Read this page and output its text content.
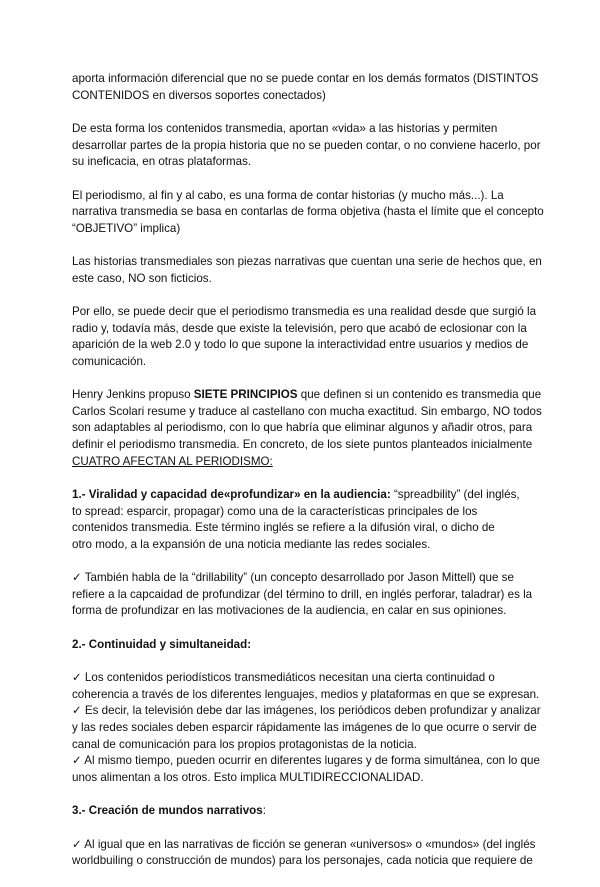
aporta información diferencial que no se puede contar en los demás formatos (DISTINTOS
CONTENIDOS en diversos soportes conectados)

De esta forma los contenidos transmedia, aportan «vida» a las historias y permiten
desarrollar partes de la propia historia que no se pueden contar, o no conviene hacerlo, por
su ineficacia, en otras plataformas.

El periodismo, al fin y al cabo, es una forma de contar historias (y mucho más...). La
narrativa transmedia se basa en contarlas de forma objetiva (hasta el límite que el concepto
“OBJETIVO” implica)

Las historias transmediales son piezas narrativas que cuentan una serie de hechos que, en
este caso, NO son ficticios.

Por ello, se puede decir que el periodismo transmedia es una realidad desde que surgió la
radio y, todavía más, desde que existe la televisión, pero que acabó de eclosionar con la
aparición de la web 2.0 y todo lo que supone la interactividad entre usuarios y medios de
comunicación.

Henry Jenkins propuso SIETE PRINCIPIOS que definen si un contenido es transmedia que
Carlos Scolari resume y traduce al castellano con mucha exactitud. Sin embargo, NO todos
son adaptables al periodismo, con lo que habría que eliminar algunos y añadir otros, para
definir el periodismo transmedia. En concreto, de los siete puntos planteados inicialmente
CUATRO AFECTAN AL PERIODISMO:

1.- Viralidad y capacidad de«profundizar» en la audiencia: “spreadbility” (del inglés,
to spread: esparcir, propagar) como una de la características principales de los
contenidos transmedia. Este término inglés se refiere a la difusión viral, o dicho de
otro modo, a la expansión de una noticia mediante las redes sociales.

✓ También habla de la “drillability” (un concepto desarrollado por Jason Mittell) que se
refiere a la capcaidad de profundizar (del término to drill, en inglés perforar, taladrar) es la
forma de profundizar en las motivaciones de la audiencia, en calar en sus opiniones.

2.- Continuidad y simultaneidad:

✓ Los contenidos periodísticos transmediáticos necesitan una cierta continuidad o
coherencia a través de los diferentes lenguajes, medios y plataformas en que se expresan.
✓ Es decir, la televisión debe dar las imágenes, los periódicos deben profundizar y analizar
y las redes sociales deben esparcir rápidamente las imágenes de lo que ocurre o servir de
canal de comunicación para los propios protagonistas de la noticia.
✓ Al mismo tiempo, pueden ocurrir en diferentes lugares y de forma simultánea, con lo que
unos alimentan a los otros. Esto implica MULTIDIRECCIONALIDAD.

3.- Creación de mundos narrativos:

✓ Al igual que en las narrativas de ficción se generan «universos» o «mundos» (del inglés
worldbuiling o construcción de mundos) para los personajes, cada noticia que requiere de
